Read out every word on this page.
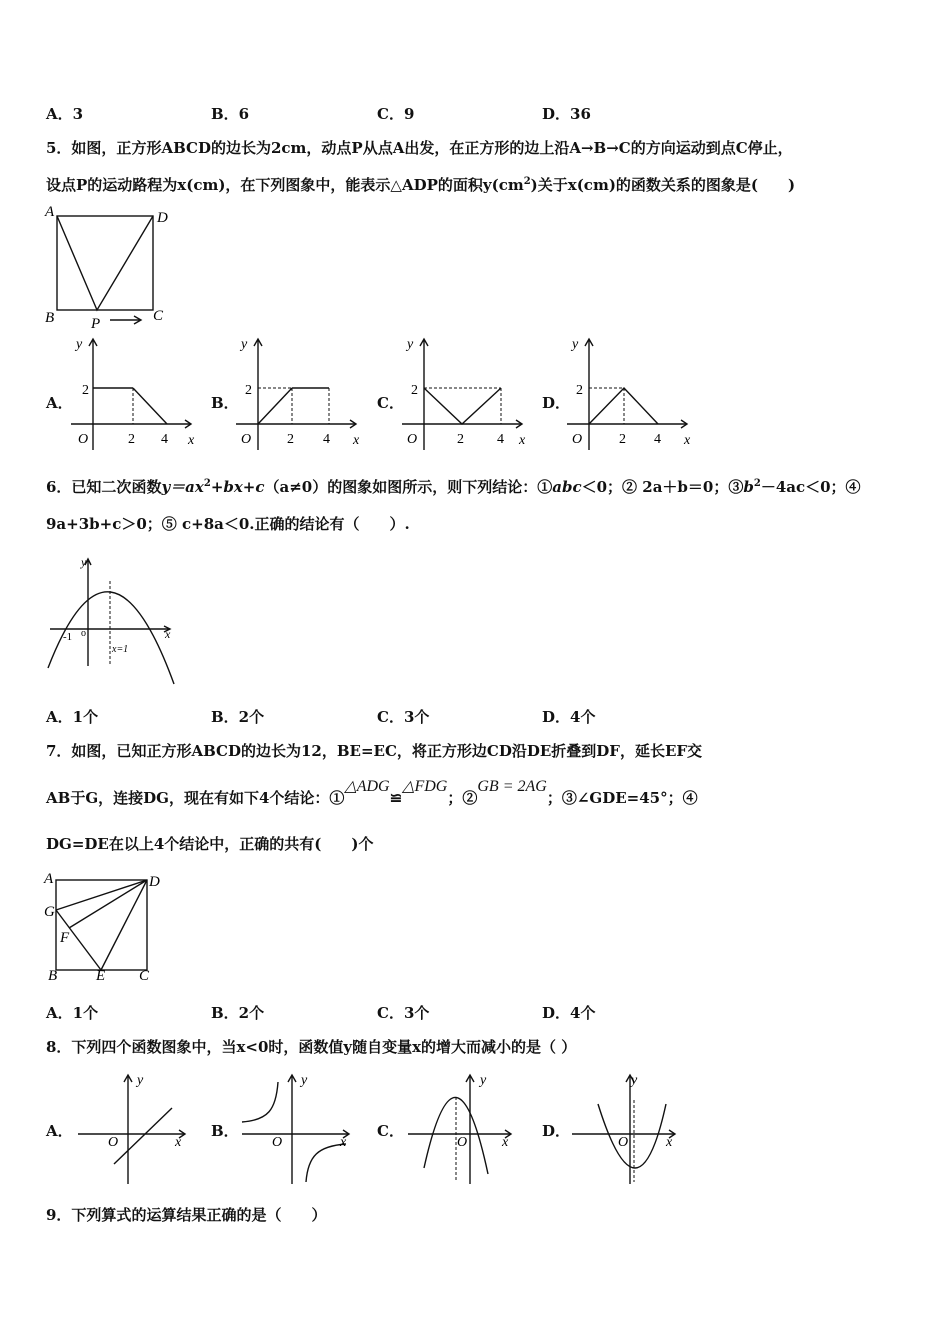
A．3	B．6	C．9	D．36
5．如图，正方形ABCD的边长为2cm，动点P从点A出发，在正方形的边上沿A→B→C的方向运动到点C停止，
设点P的运动路程为x(cm)，在下列图象中，能表示△ADP的面积$y(cm^2)$关于x(cm)的函数关系的图象是(　　)
A
B	C
D
P
A．
y
2
O	2 4 x
B．
y
2
O	2 4 x
C．
y
2
O	2 4 x
D．
y
2
O	2 4 x
6．已知二次函数$y=ax^2+bx+c(a\ne 0)$的图象如图所示，则下列结论：①abc＜0；② 2a＋b＝0；$③b^2-4ac<0$；④
9a+3b+c＞0；⑤ c+8a＜0.正确的结论有（　　）.
y
x
-1 o
x=1
A．1个	B．2个	C．3个	D．4个
7．如图，已知正方形ABCD的边长为12，BE=EC，将正方形边CD沿DE折叠到DF，延长EF交
AB于G，连接DG，现在有如下4个结论：①△ADG≌△FDG；②GB = 2AG；③∠GDE=45°；④
DG=DE在以上4个结论中，正确的共有(　　)个
A
G
F
B	E C
D
A．1个	B．2个	C．3个	D．4个
8．下列四个函数图象中，当x<0时，函数值y随自变量x的增大而减小的是（ ）
A．
y
x
O
B．
y
x
O
C．
y
x
O
D．
y
x
O
9．下列算式的运算结果正确的是（　　）
